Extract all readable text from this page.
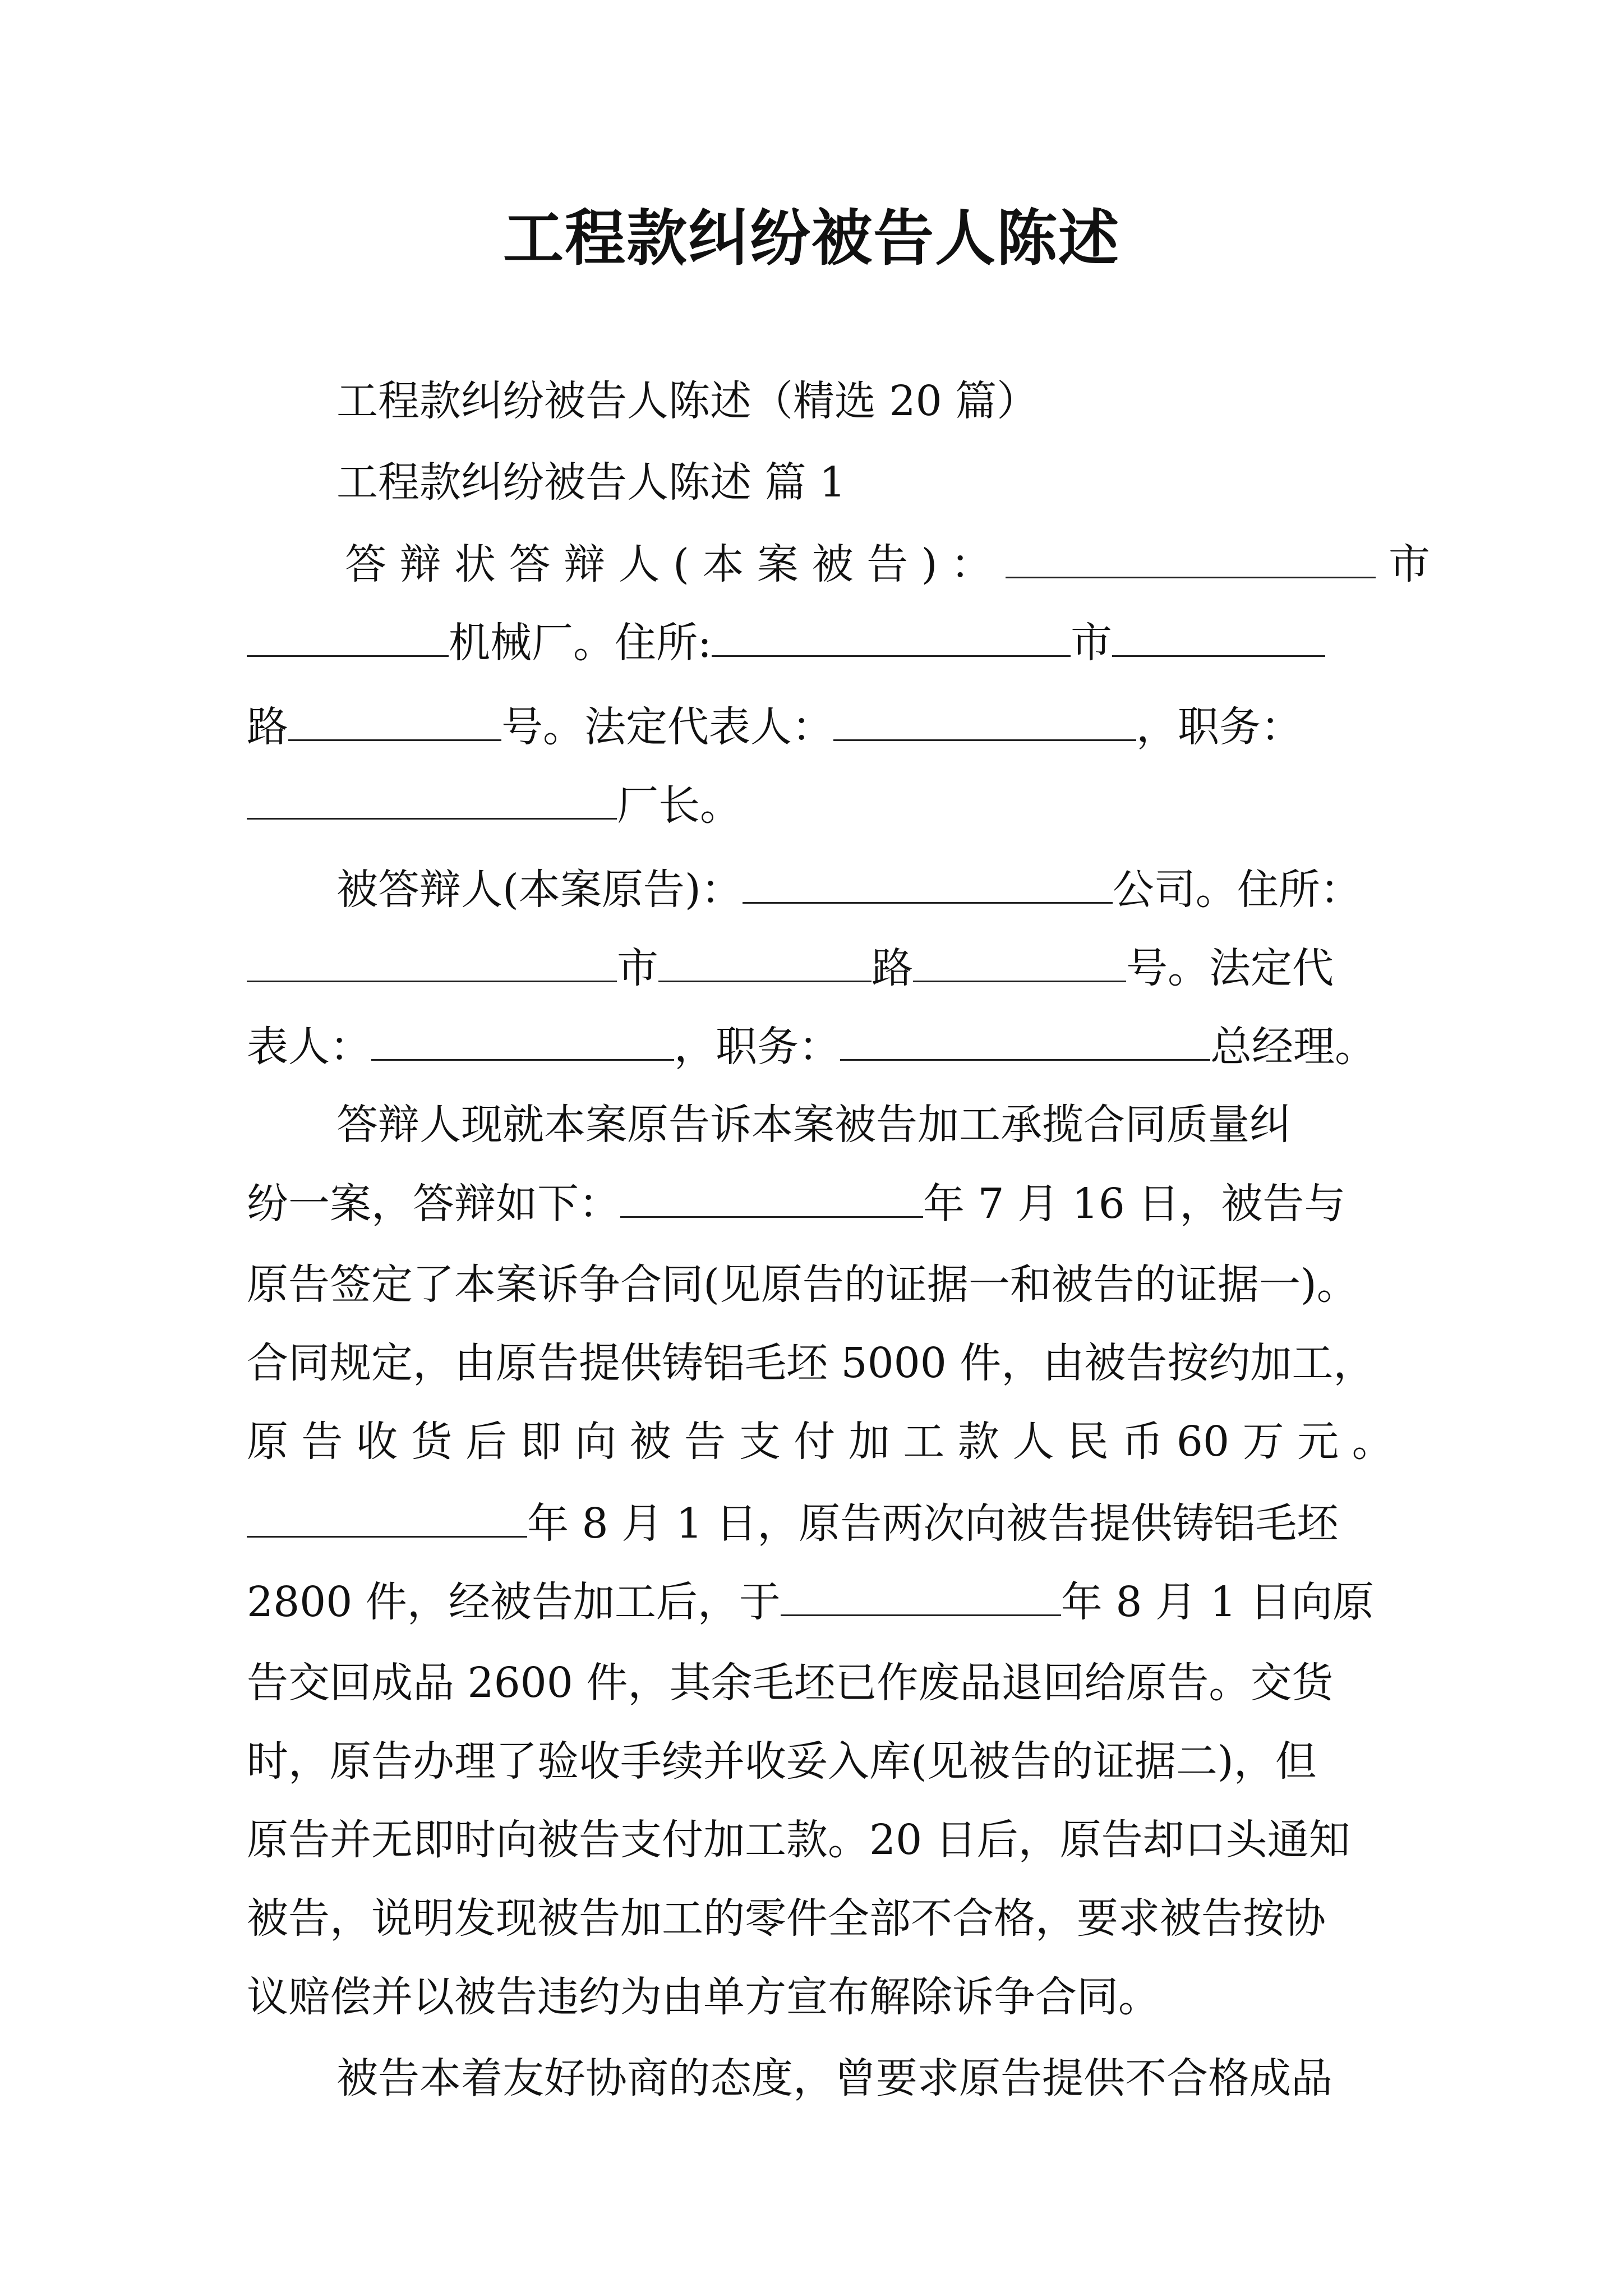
工程款纠纷被告人陈述
工程款纠纷被告人陈述（精选 20 篇）
工程款纠纷被告人陈述 篇 1
答 辩 状 答 辩 人 ( 本 案 被 告 ) ：	市
机械厂。住所:	市
路	号。法定代表人：	，职务：
厂长。
被答辩人(本案原告)：	公司。住所：
市	路	号。法定代
表人：	，职务：	总经理。
答辩人现就本案原告诉本案被告加工承揽合同质量纠
纷一案，答辩如下：	年 7 月 16 日，被告与
原告签定了本案诉争合同(见原告的证据一和被告的证据一)。
合同规定，由原告提供铸铝毛坯 5000 件，由被告按约加工，
原 告 收 货 后 即 向 被 告 支 付 加 工 款 人 民 币 60 万 元 。
年 8 月 1 日，原告两次向被告提供铸铝毛坯
2800 件，经被告加工后，于	年 8 月 1 日向原
告交回成品 2600 件，其余毛坯已作废品退回给原告。交货
时，原告办理了验收手续并收妥入库(见被告的证据二)，但
原告并无即时向被告支付加工款。20 日后，原告却口头通知
被告，说明发现被告加工的零件全部不合格，要求被告按协
议赔偿并以被告违约为由单方宣布解除诉争合同。
被告本着友好协商的态度，曾要求原告提供不合格成品
